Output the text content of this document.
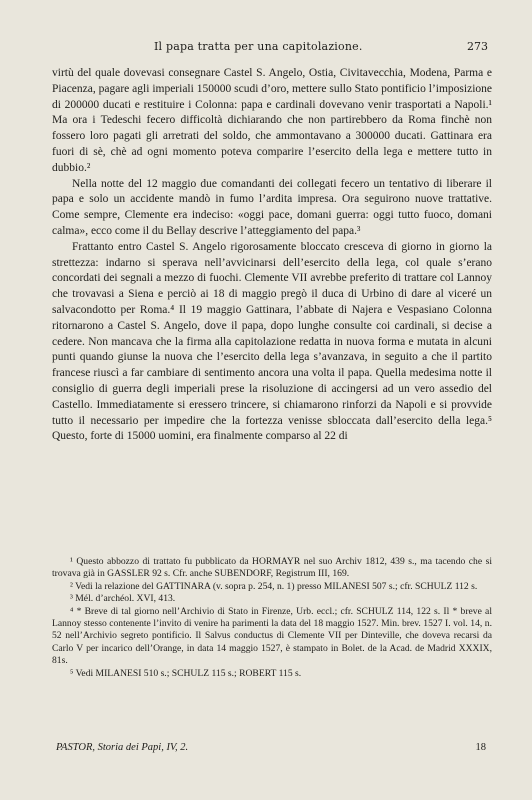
Il papa tratta per una capitolazione.	273

virtù del quale dovevasi consegnare Castel S. Angelo, Ostia, Civitavecchia, Modena, Parma e Piacenza, pagare agli imperiali 150000 scudi d’oro, mettere sullo Stato pontificio l’imposizione di 200000 ducati e restituire i Colonna: papa e cardinali dovevano venir trasportati a Napoli.¹ Ma ora i Tedeschi fecero difficoltà dichiarando che non partirebbero da Roma finchè non fossero loro pagati gli arretrati del soldo, che ammontavano a 300000 ducati. Gattinara era fuori di sè, chè ad ogni momento poteva comparire l’esercito della lega e mettere tutto in dubbio.²

Nella notte del 12 maggio due comandanti dei collegati fecero un tentativo di liberare il papa e solo un accidente mandò in fumo l’ardita impresa. Ora seguirono nuove trattative. Come sempre, Clemente era indeciso: «oggi pace, domani guerra: oggi tutto fuoco, domani calma», ecco come il du Bellay descrive l’atteggiamento del papa.³

Frattanto entro Castel S. Angelo rigorosamente bloccato cresceva di giorno in giorno la strettezza: indarno si sperava nell’avvicinarsi dell’esercito della lega, col quale s’erano concordati dei segnali a mezzo di fuochi. Clemente VII avrebbe preferito di trattare col Lannoy che trovavasi a Siena e perciò ai 18 di maggio pregò il duca di Urbino di dare al viceré un salvacondotto per Roma.⁴ Il 19 maggio Gattinara, l’abbate di Najera e Vespasiano Colonna ritornarono a Castel S. Angelo, dove il papa, dopo lunghe consulte coi cardinali, si decise a cedere. Non mancava che la firma alla capitolazione redatta in nuova forma e mutata in alcuni punti quando giunse la nuova che l’esercito della lega s’avanzava, in seguito a che il partito francese riuscì a far cambiare di sentimento ancora una volta il papa. Quella medesima notte il consiglio di guerra degli imperiali prese la risoluzione di accingersi ad un vero assedio del Castello. Immediatamente si eressero trincere, si chiamarono rinforzi da Napoli e si provvide tutto il necessario per impedire che la fortezza venisse sbloccata dall’esercito della lega.⁵ Questo, forte di 15000 uomini, era finalmente comparso al 22 di

¹ Questo abbozzo di trattato fu pubblicato da HORMAYR nel suo Archiv 1812, 439 s., ma tacendo che si trovava già in GASSLER 92 s. Cfr. anche SUBENDORF, Registrum III, 169.

² Vedi la relazione del GATTINARA (v. sopra p. 254, n. 1) presso MILANESI 507 s.; cfr. SCHULZ 112 s.

³ Mél. d’archéol. XVI, 413.

⁴ * Breve di tal giorno nell’Archivio di Stato in Firenze, Urb. eccl.; cfr. SCHULZ 114, 122 s. Il * breve al Lannoy stesso contenente l’invito di venire ha parimenti la data del 18 maggio 1527. Min. brev. 1527 I. vol. 14, n. 52 nell’Archivio segreto pontificio. Il Salvus conductus di Clemente VII per Dinteville, che doveva recarsi da Carlo V per incarico dell’Orange, in data 14 maggio 1527, è stampato in Bolet. de la Acad. de Madrid XXXIX, 81s.

⁵ Vedi MILANESI 510 s.; SCHULZ 115 s.; ROBERT 115 s.

PASTOR, Storia dei Papi, IV, 2.	18
